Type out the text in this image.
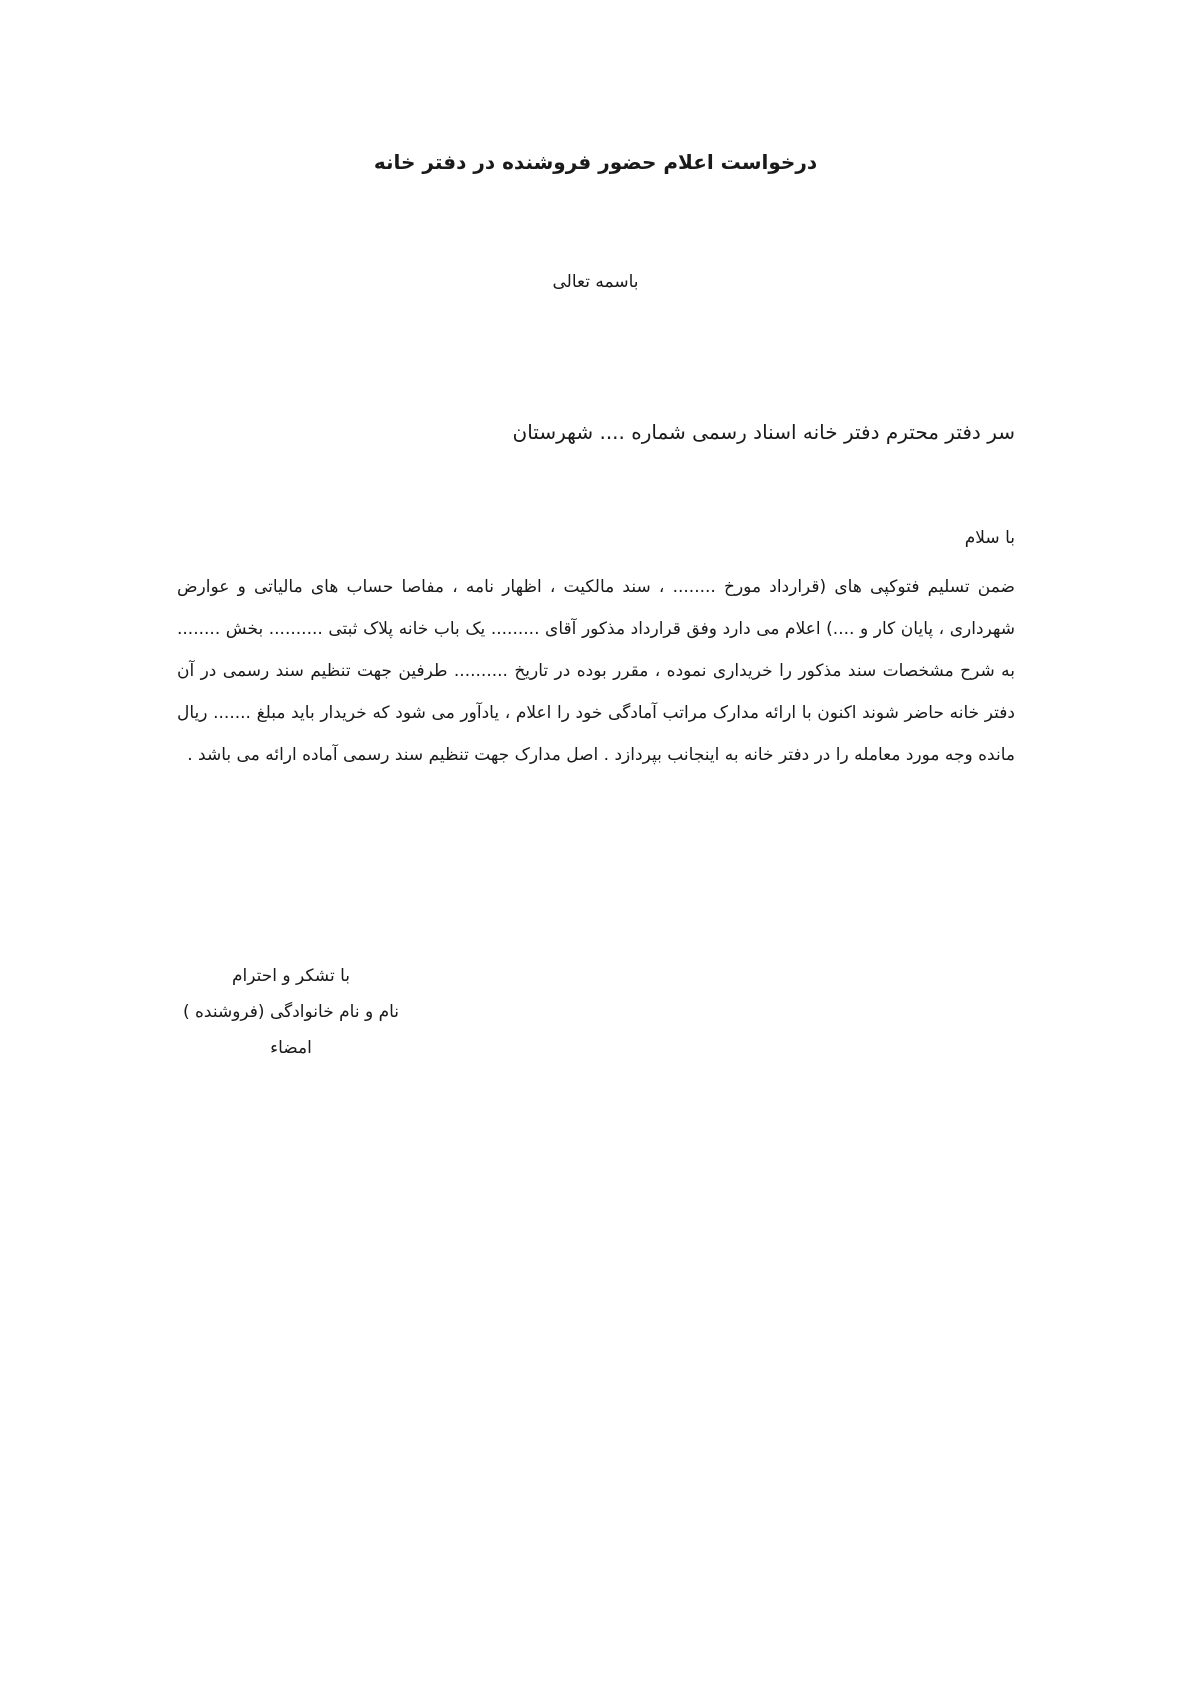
درخواست اعلام حضور فروشنده در دفتر خانه

باسمه تعالی

سر دفتر محترم دفتر خانه اسناد رسمی شماره .... شهرستان

با سلام

ضمن تسلیم فتوکپی های (قرارداد مورخ ........ ، سند مالکیت ، اظهار نامه ، مفاصا حساب های مالیاتی و عوارض شهرداری ، پایان کار و ....) اعلام می دارد وفق قرارداد مذکور آقای ......... یک باب خانه پلاک ثبتی .......... بخش ........ به شرح مشخصات سند مذکور را خریداری نموده ، مقرر بوده در تاریخ .......... طرفین جهت تنظیم سند رسمی در آن دفتر خانه حاضر شوند اکنون با ارائه مدارک مراتب آمادگی خود را اعلام ، یادآور می شود که خریدار باید مبلغ ....... ریال مانده وجه مورد معامله را در دفتر خانه به اینجانب بپردازد . اصل مدارک جهت تنظیم سند رسمی آماده ارائه می باشد .

با تشکر و احترام
نام و نام خانوادگی (فروشنده )
امضاء
